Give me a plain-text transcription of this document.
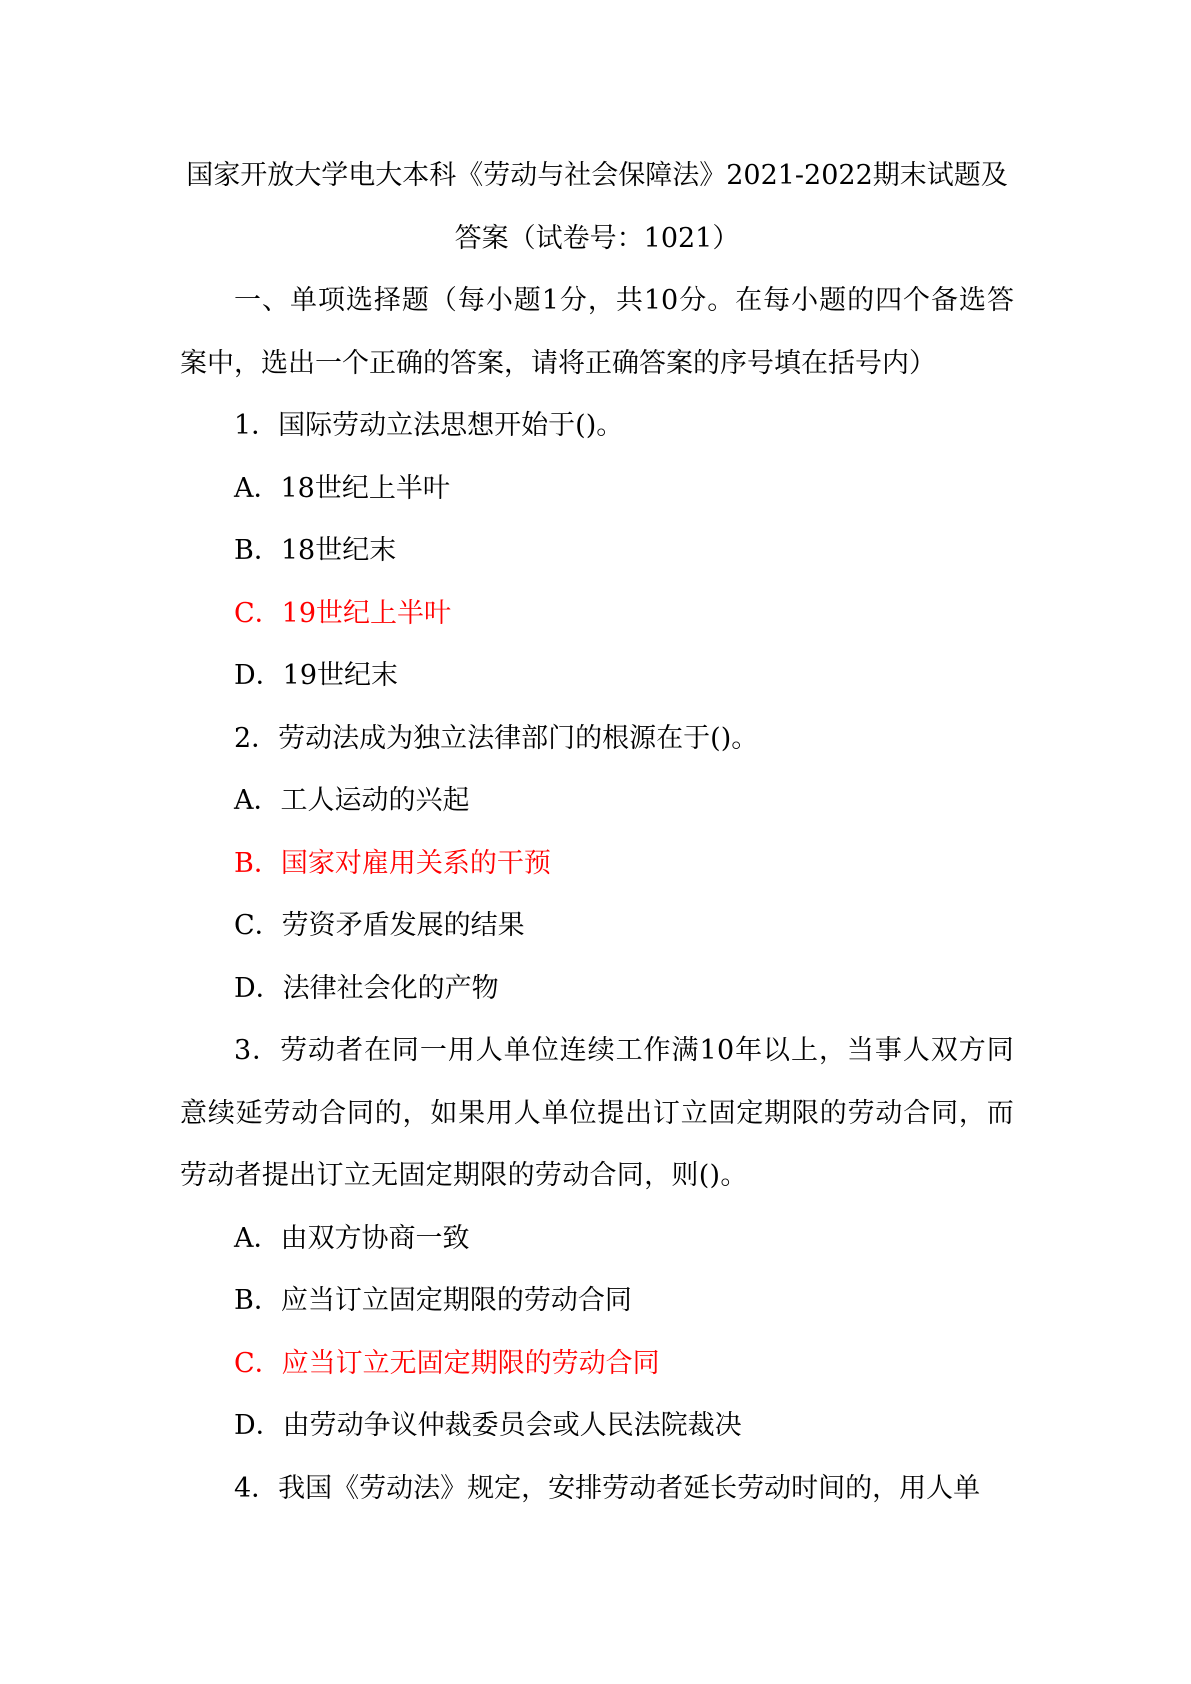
国家开放大学电大本科《劳动与社会保障法》2021-2022期末试题及答案（试卷号：1021）

一、单项选择题（每小题1分，共10分。在每小题的四个备选答案中，选出一个正确的答案，请将正确答案的序号填在括号内）

1．国际劳动立法思想开始于()。

A．18世纪上半叶

B．18世纪末

C．19世纪上半叶

D．19世纪末

2．劳动法成为独立法律部门的根源在于()。

A．工人运动的兴起

B．国家对雇用关系的干预

C．劳资矛盾发展的结果

D．法律社会化的产物

3．劳动者在同一用人单位连续工作满10年以上，当事人双方同意续延劳动合同的，如果用人单位提出订立固定期限的劳动合同，而劳动者提出订立无固定期限的劳动合同，则()。

A．由双方协商一致

B．应当订立固定期限的劳动合同

C．应当订立无固定期限的劳动合同

D．由劳动争议仲裁委员会或人民法院裁决

4．我国《劳动法》规定，安排劳动者延长劳动时间的，用人单
